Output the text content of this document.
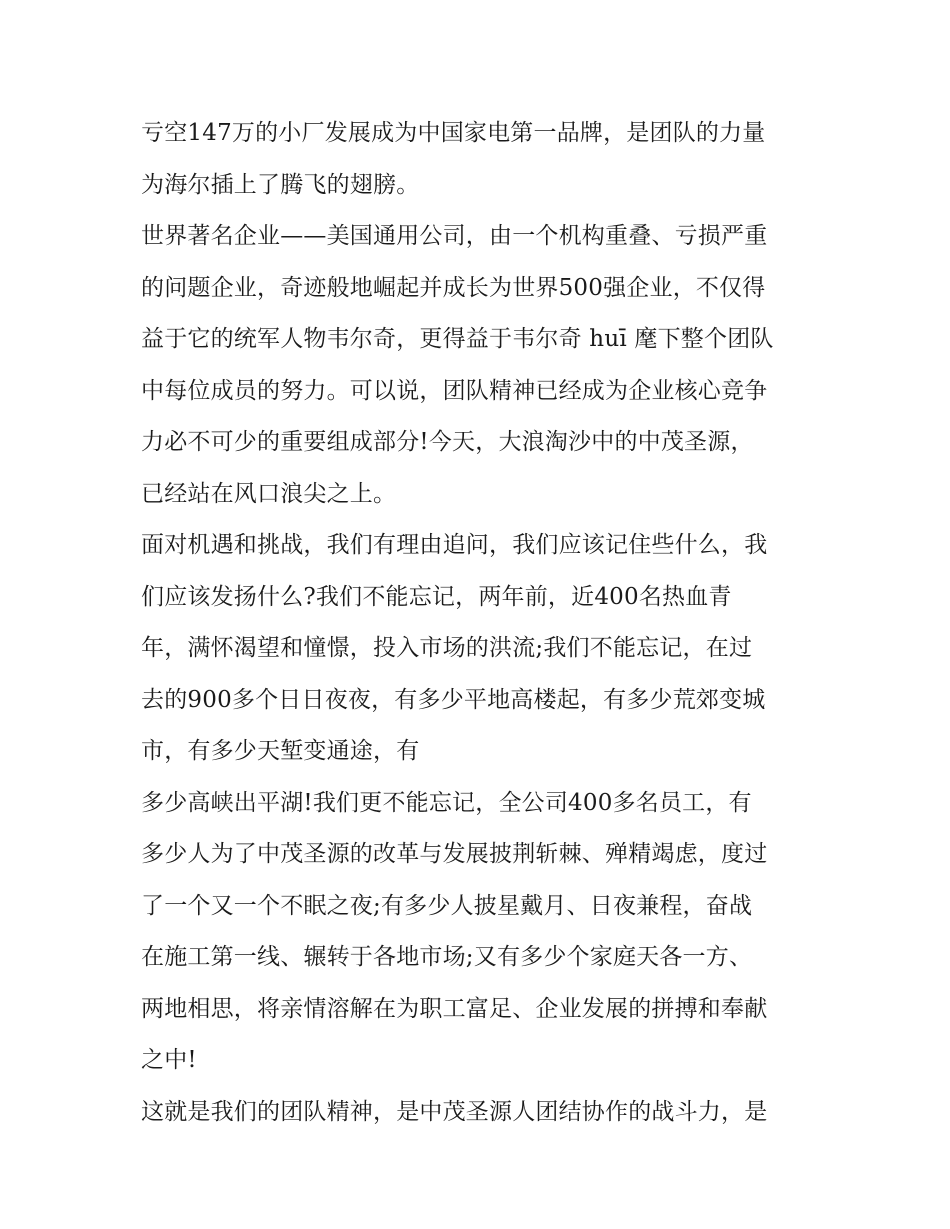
亏空147万的小厂发展成为中国家电第一品牌，是团队的力量
为海尔插上了腾飞的翅膀。
世界著名企业——美国通用公司，由一个机构重叠、亏损严重
的问题企业，奇迹般地崛起并成长为世界500强企业，不仅得
益于它的统军人物韦尔奇，更得益于韦尔奇 huī 麾下整个团队
中每位成员的努力。可以说，团队精神已经成为企业核心竞争
力必不可少的重要组成部分!今天，大浪淘沙中的中茂圣源，
已经站在风口浪尖之上。
面对机遇和挑战，我们有理由追问，我们应该记住些什么，我
们应该发扬什么?我们不能忘记，两年前，近400名热血青
年，满怀渴望和憧憬，投入市场的洪流;我们不能忘记，在过
去的900多个日日夜夜，有多少平地高楼起，有多少荒郊变城
市，有多少天堑变通途，有
多少高峡出平湖!我们更不能忘记，全公司400多名员工，有
多少人为了中茂圣源的改革与发展披荆斩棘、殚精竭虑，度过
了一个又一个不眠之夜;有多少人披星戴月、日夜兼程，奋战
在施工第一线、辗转于各地市场;又有多少个家庭天各一方、
两地相思，将亲情溶解在为职工富足、企业发展的拼搏和奉献
之中!
这就是我们的团队精神，是中茂圣源人团结协作的战斗力，是
